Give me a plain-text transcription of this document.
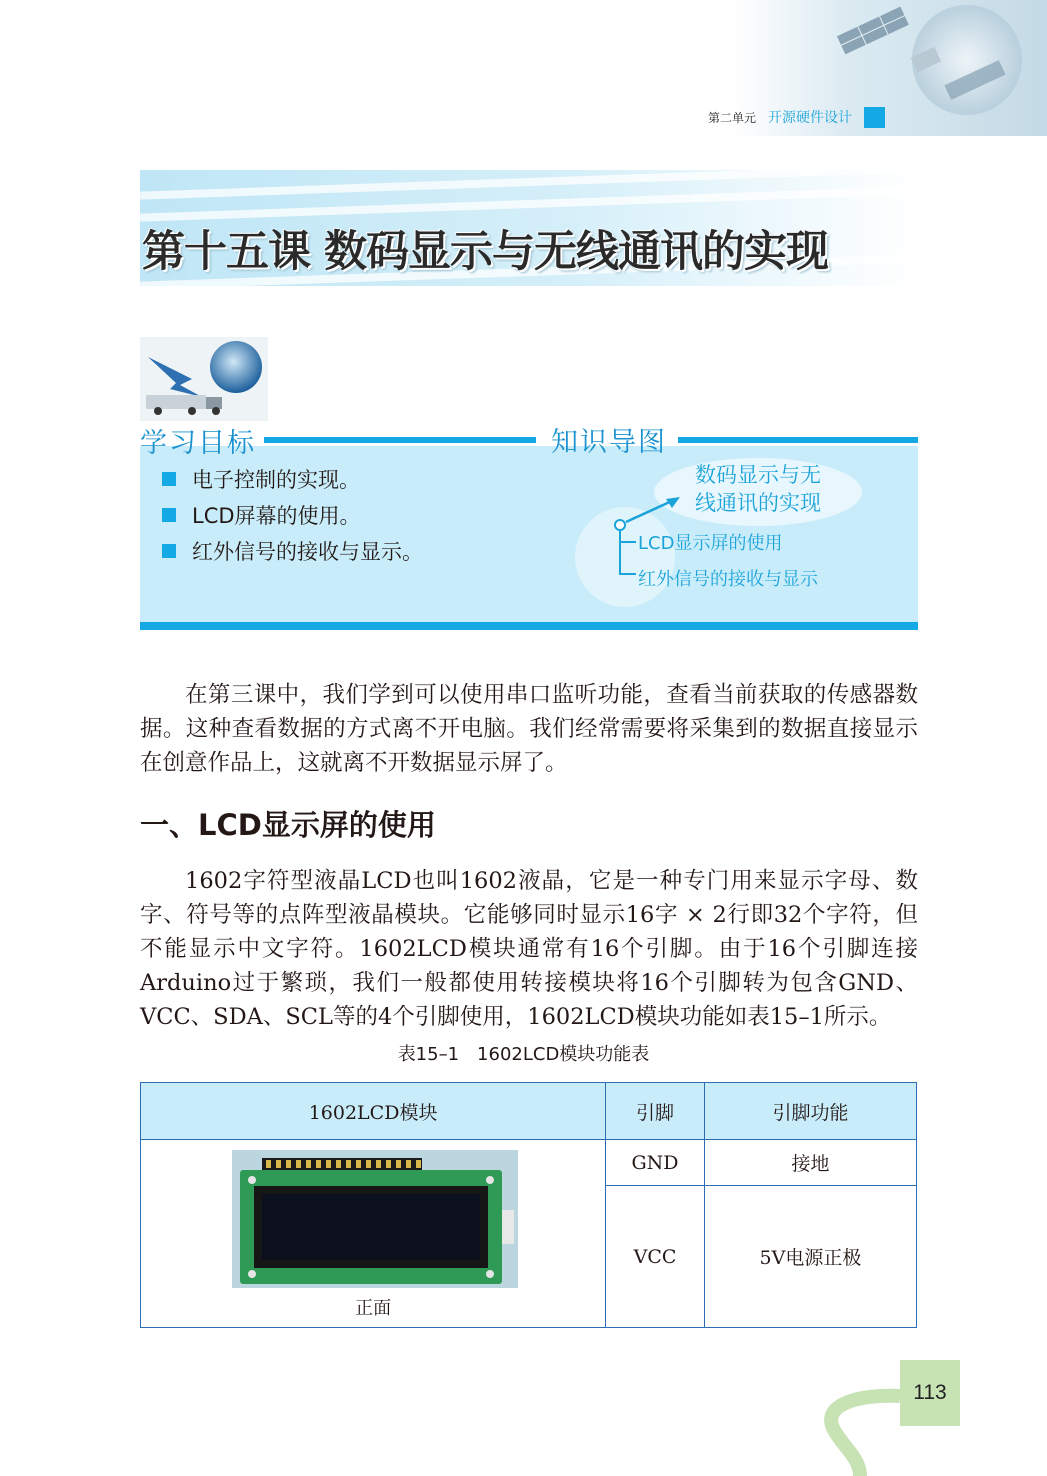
第二单元 开源硬件设计
第十五课 数码显示与无线通讯的实现
学习目标	知识导图
电子控制的实现。
LCD屏幕的使用。
红外信号的接收与显示。
数码显示与无
线通讯的实现
LCD显示屏的使用
红外信号的接收与显示
在第三课中，我们学到可以使用串口监听功能，查看当前获取的传感器数据。这种查看数据的方式离不开电脑。我们经常需要将采集到的数据直接显示在创意作品上，这就离不开数据显示屏了。
一、LCD显示屏的使用
1602字符型液晶LCD也叫1602液晶，它是一种专门用来显示字母、数字、符号等的点阵型液晶模块。它能够同时显示16字 × 2行即32个字符，但不能显示中文字符。1602LCD模块通常有16个引脚。由于16个引脚连接Arduino过于繁琐，我们一般都使用转接模块将16个引脚转为包含GND、VCC、SDA、SCL等的4个引脚使用，1602LCD模块功能如表15–1所示。
表15–1　1602LCD模块功能表
1602LCD模块	引脚	引脚功能

正面	GND	接地
	VCC	5V电源正极
113
